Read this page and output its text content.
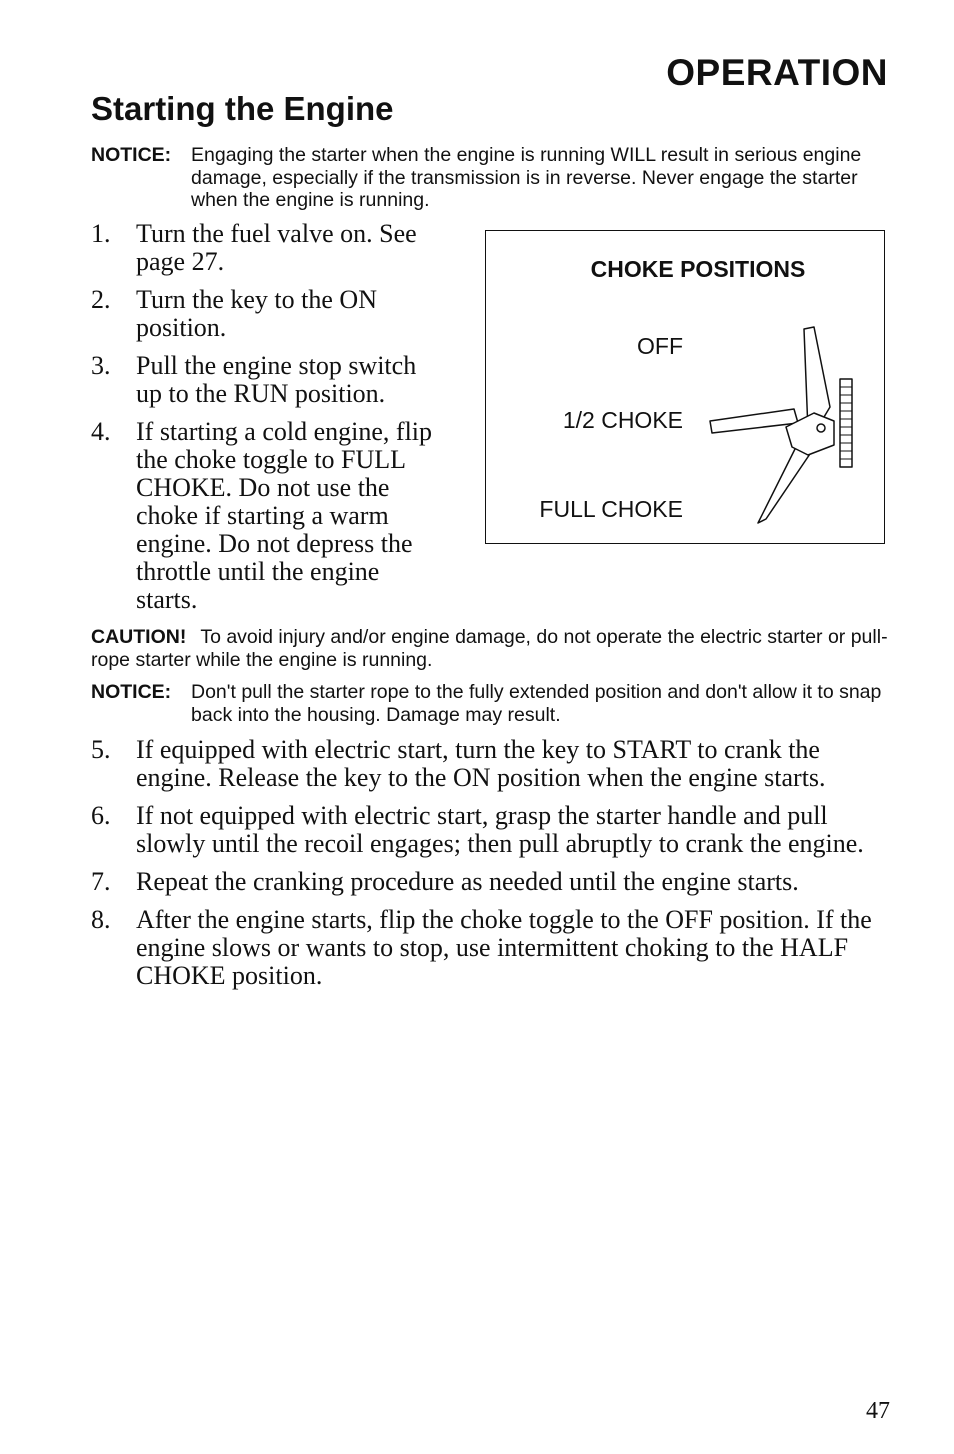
OPERATION
Starting the Engine
NOTICE: Engaging the starter when the engine is running WILL result in serious engine damage, especially if the transmission is in reverse. Never engage the starter when the engine is running.
1. Turn the fuel valve on. See page 27.
2. Turn the key to the ON position.
3. Pull the engine stop switch up to the RUN position.
4. If starting a cold engine, flip the choke toggle to FULL CHOKE. Do not use the choke if starting a warm engine. Do not depress the throttle until the engine starts.
CHOKE POSITIONS
OFF
1/2 CHOKE
FULL CHOKE
CAUTION! To avoid injury and/or engine damage, do not operate the electric starter or pull-rope starter while the engine is running.
NOTICE: Don't pull the starter rope to the fully extended position and don't allow it to snap back into the housing. Damage may result.
5. If equipped with electric start, turn the key to START to crank the engine. Release the key to the ON position when the engine starts.
6. If not equipped with electric start, grasp the starter handle and pull slowly until the recoil engages; then pull abruptly to crank the engine.
7. Repeat the cranking procedure as needed until the engine starts.
8. After the engine starts, flip the choke toggle to the OFF position. If the engine slows or wants to stop, use intermittent choking to the HALF CHOKE position.
47
